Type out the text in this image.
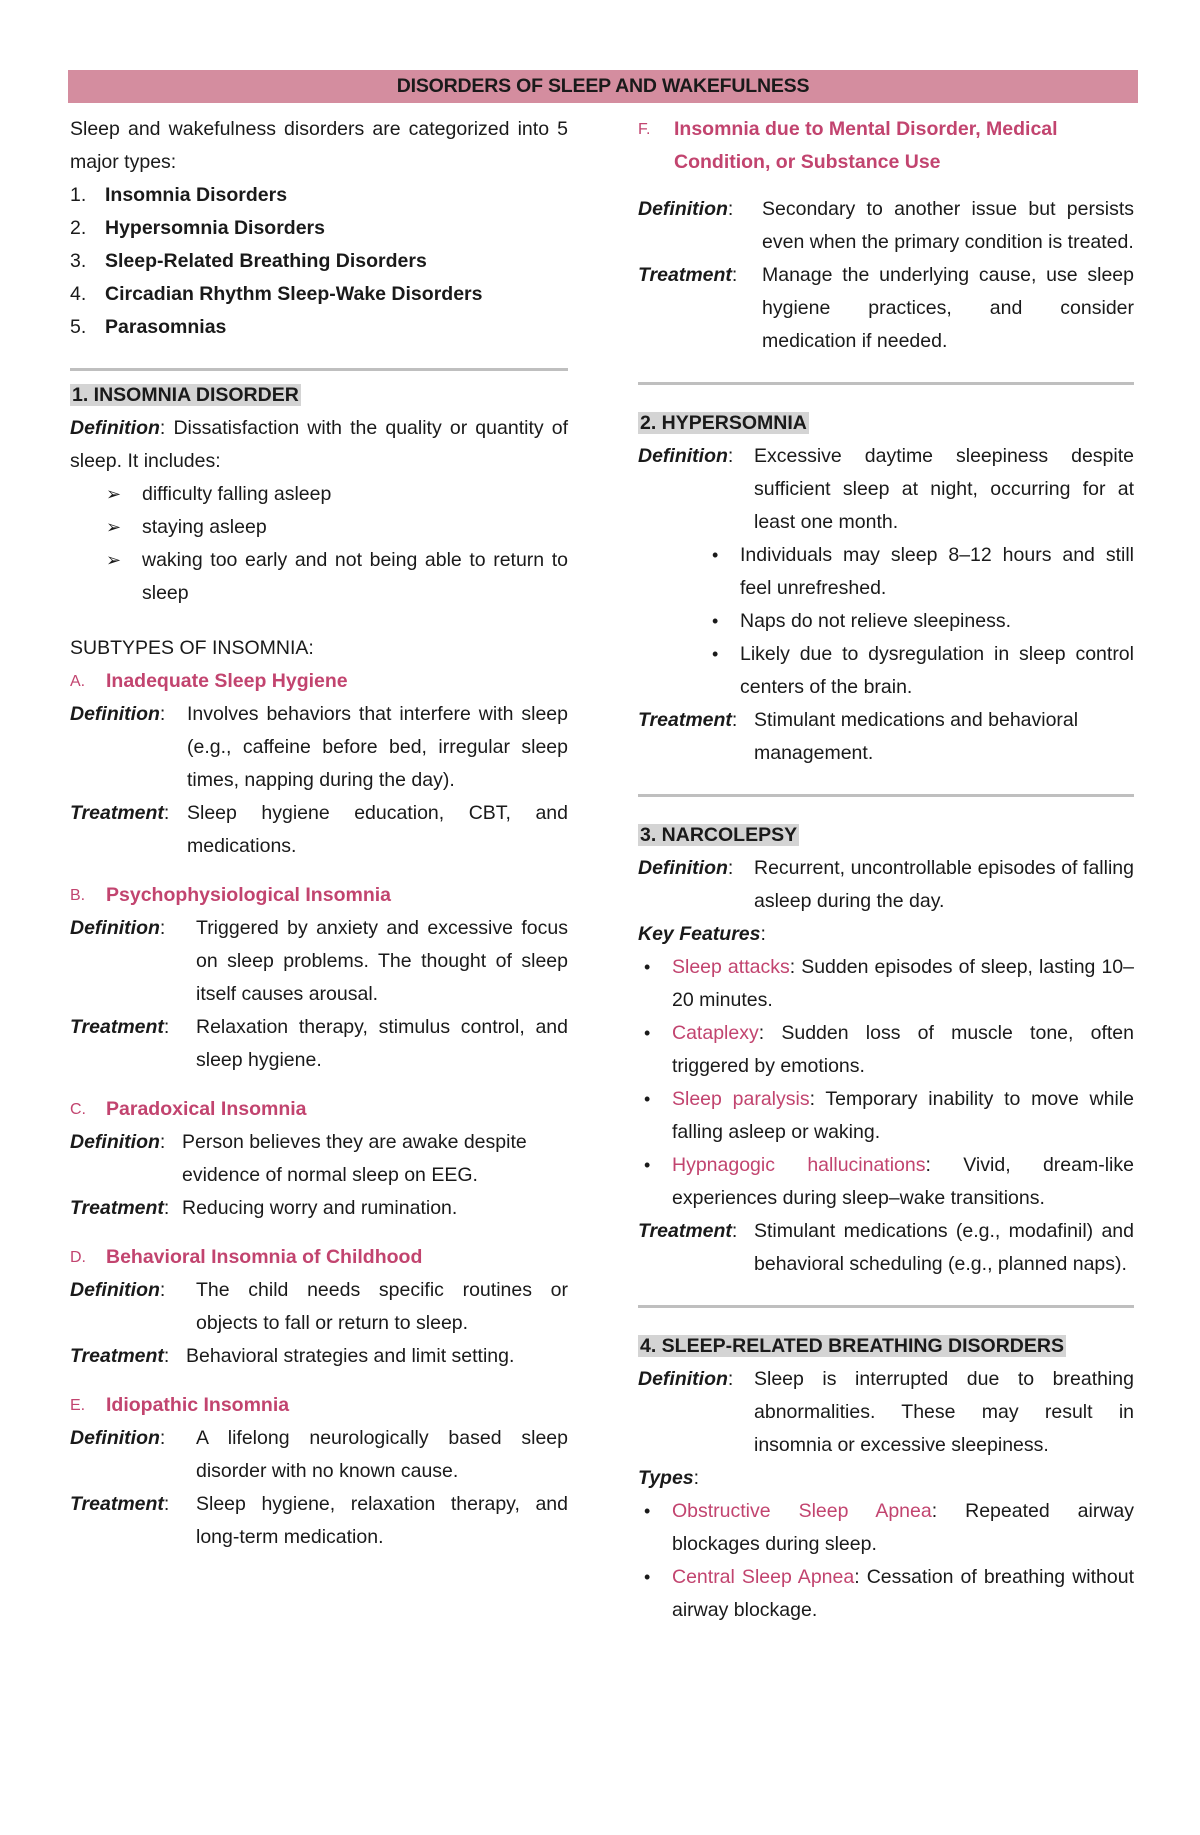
DISORDERS OF SLEEP AND WAKEFULNESS
Sleep and wakefulness disorders are categorized into 5 major types:
1. Insomnia Disorders
2. Hypersomnia Disorders
3. Sleep-Related Breathing Disorders
4. Circadian Rhythm Sleep-Wake Disorders
5. Parasomnias
1. INSOMNIA DISORDER
Definition: Dissatisfaction with the quality or quantity of sleep. It includes:
➢	difficulty falling asleep
➢	staying asleep
➢	waking too early and not being able to return to sleep
SUBTYPES OF INSOMNIA:
A.	Inadequate Sleep Hygiene
Definition:	Involves behaviors that interfere with sleep (e.g., caffeine before bed, irregular sleep times, napping during the day).
Treatment: Sleep hygiene education, CBT, and medications.
B.	Psychophysiological Insomnia
Definition:	Triggered by anxiety and excessive focus on sleep problems. The thought of sleep itself causes arousal.
Treatment:	Relaxation therapy, stimulus control, and sleep hygiene.
C.	Paradoxical Insomnia
Definition: Person believes they are awake despite evidence of normal sleep on EEG.
Treatment: Reducing worry and rumination.
D.	Behavioral Insomnia of Childhood
Definition:	The child needs specific routines or objects to fall or return to sleep.
Treatment: Behavioral strategies and limit setting.
E.	Idiopathic Insomnia
Definition:	A lifelong neurologically based sleep disorder with no known cause.
Treatment:	Sleep hygiene, relaxation therapy, and long-term medication.
F.	Insomnia due to Mental Disorder, Medical Condition, or Substance Use
Definition:	Secondary to another issue but persists even when the primary condition is treated.
Treatment:	Manage the underlying cause, use sleep hygiene practices, and consider medication if needed.
2. HYPERSOMNIA
Definition:	Excessive daytime sleepiness despite sufficient sleep at night, occurring for at least one month.
•	Individuals may sleep 8–12 hours and still feel unrefreshed.
•	Naps do not relieve sleepiness.
•	Likely due to dysregulation in sleep control centers of the brain.
Treatment: Stimulant medications and behavioral management.
3. NARCOLEPSY
Definition:	Recurrent, uncontrollable episodes of falling asleep during the day.
Key Features:
•	Sleep attacks: Sudden episodes of sleep, lasting 10–20 minutes.
•	Cataplexy: Sudden loss of muscle tone, often triggered by emotions.
•	Sleep paralysis: Temporary inability to move while falling asleep or waking.
•	Hypnagogic hallucinations: Vivid, dream-like experiences during sleep–wake transitions.
Treatment: Stimulant medications (e.g., modafinil) and behavioral scheduling (e.g., planned naps).
4. SLEEP-RELATED BREATHING DISORDERS
Definition:	Sleep is interrupted due to breathing abnormalities. These may result in insomnia or excessive sleepiness.
Types:
•	Obstructive Sleep Apnea: Repeated airway blockages during sleep.
•	Central Sleep Apnea: Cessation of breathing without airway blockage.
